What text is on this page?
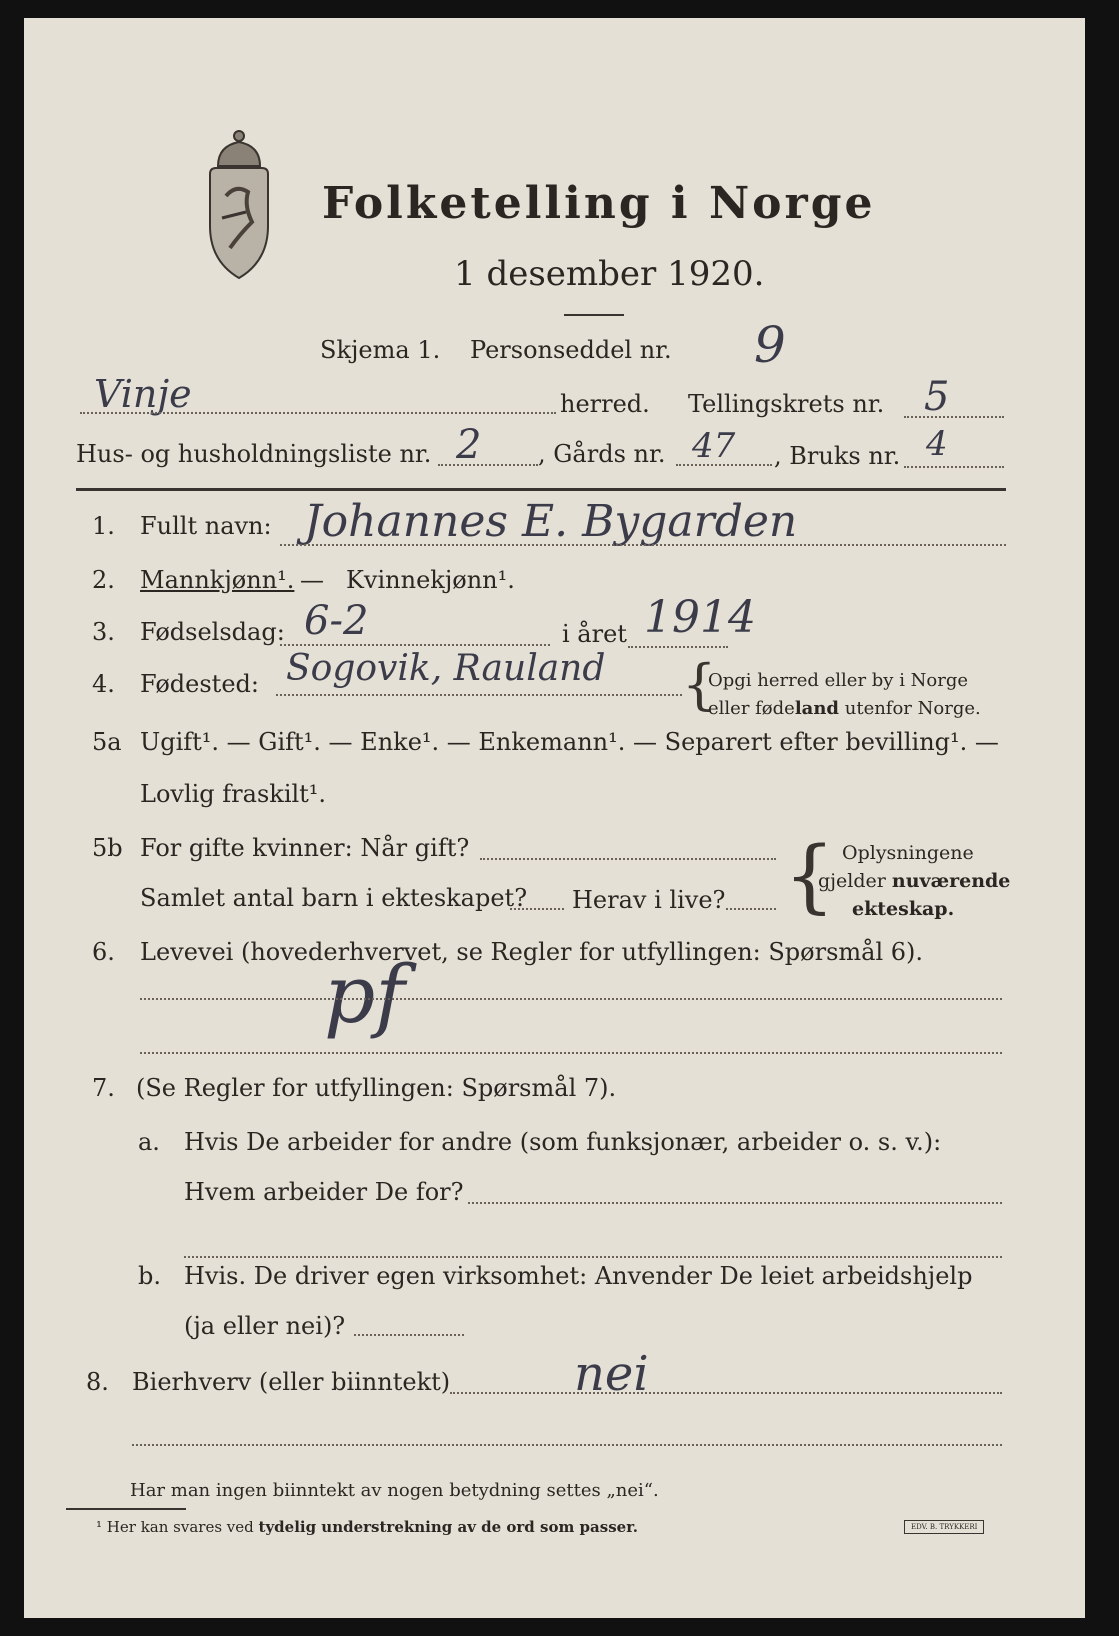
Folketelling i Norge
1 desember 1920.
Skjema 1. Personseddel nr. 9
Vinje	herred. Tellingskrets nr. 5
Hus- og husholdningsliste nr. 2 , Gårds nr. 47 , Bruks nr. 4
1. Fullt navn: Johannes E. Bygarden
2. Mannkjønn¹. — Kvinnekjønn¹.
3. Fødselsdag: 6-2	i året 1914
4. Fødested: Sogovik, Rauland {
Opgi herred eller by i Norge
eller fødeland utenfor Norge.
5a Ugift¹. — Gift¹. — Enke¹. — Enkemann¹. — Separert efter bevilling¹. —
Lovlig fraskilt¹.
5b For gifte kvinner: Når gift?
Samlet antal barn i ekteskapet? Herav i live? { Oplysningene
gjelder nuværende
ekteskap.
6. Levevei (hovederhvervet, se Regler for utfyllingen: Spørsmål 6).
pf
7. (Se Regler for utfyllingen: Spørsmål 7).
a. Hvis De arbeider for andre (som funksjonær, arbeider o. s. v.):
Hvem arbeider De for?
b. Hvis. De driver egen virksomhet: Anvender De leiet arbeidshjelp
(ja eller nei)?
8. Bierhverv (eller biinntekt)	nei
Har man ingen biinntekt av nogen betydning settes „nei“.
¹ Her kan svares ved tydelig understrekning av de ord som passer.	EDV. B. TRYKKERI
